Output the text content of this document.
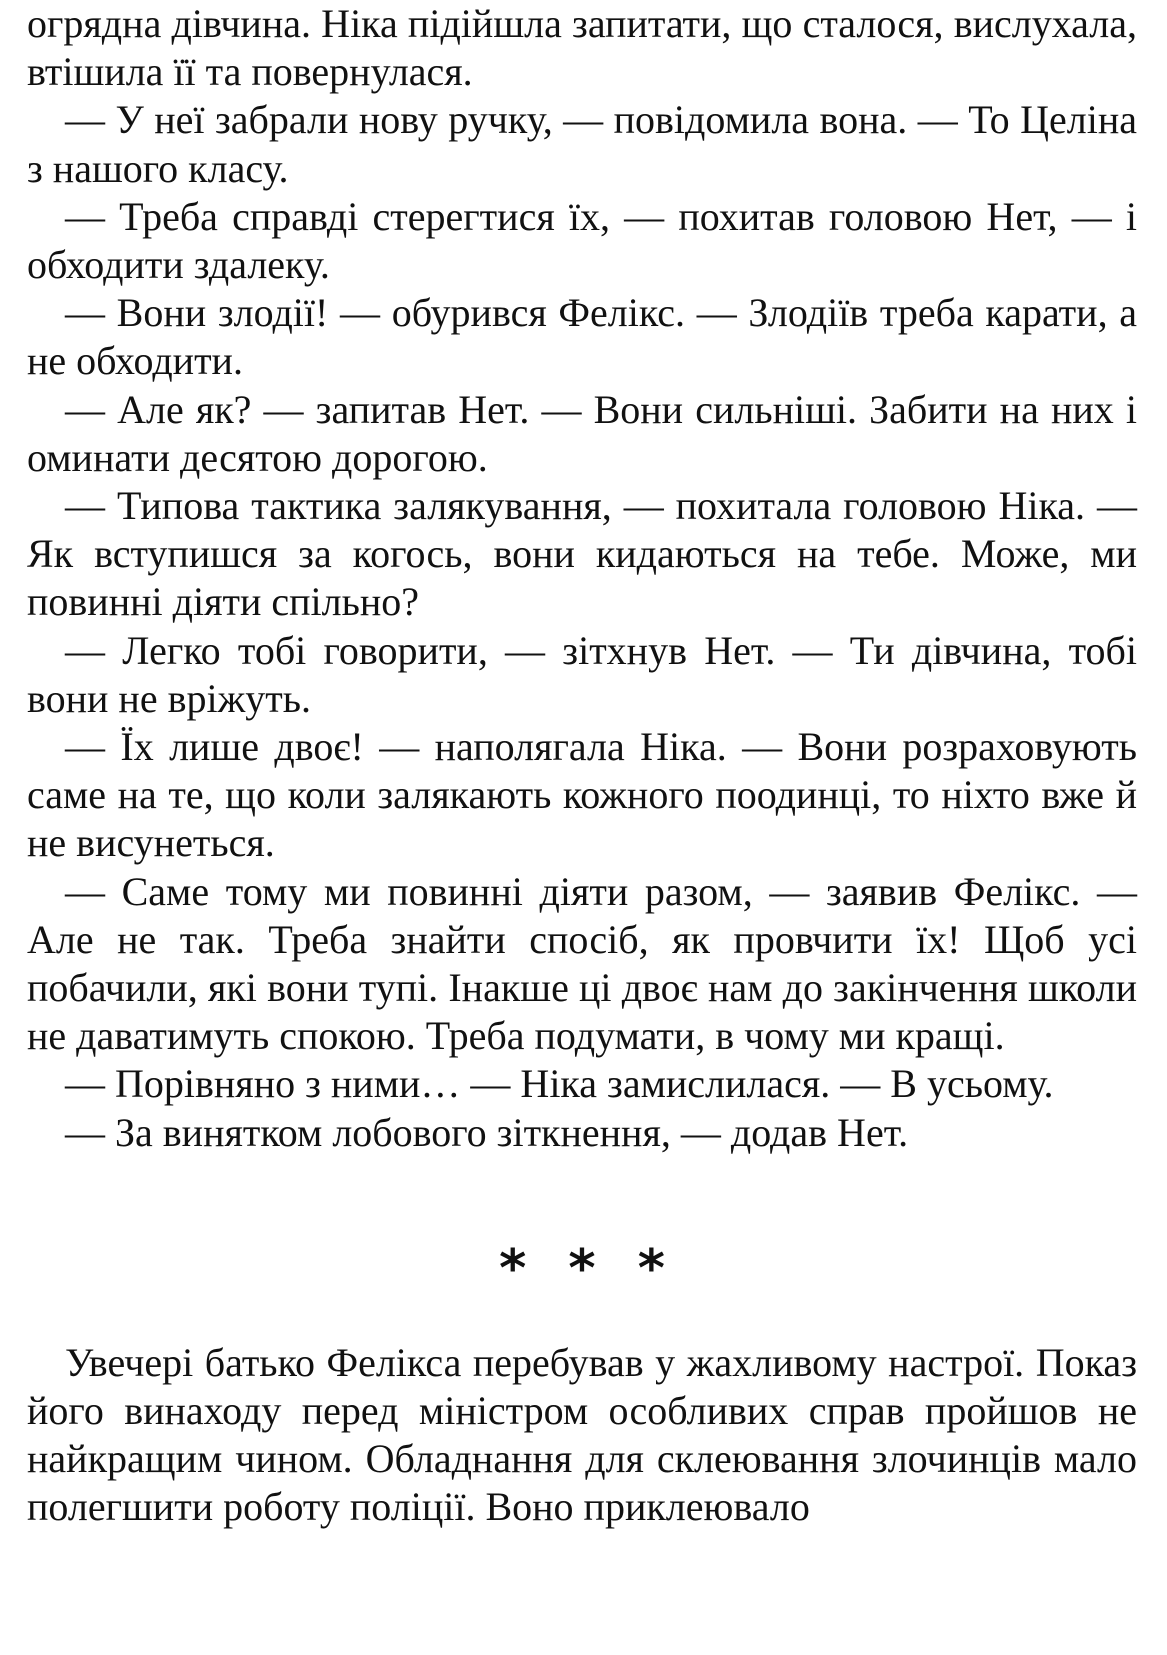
огрядна дівчина. Ніка підійшла запитати, що сталося, вислухала, втішила її та повернулася.

— У неї забрали нову ручку, — повідомила вона. — То Целіна з нашого класу.

— Треба справді стерегтися їх, — похитав головою Нет, — і обходити здалеку.

— Вони злодії! — обурився Фелікс. — Злодіїв треба карати, а не обходити.

— Але як? — запитав Нет. — Вони сильніші. Забити на них і оминати десятою дорогою.

— Типова тактика залякування, — похитала головою Ніка. — Як вступишся за когось, вони кидаються на тебе. Може, ми повинні діяти спільно?

— Легко тобі говорити, — зітхнув Нет. — Ти дівчина, тобі вони не вріжуть.

— Їх лише двоє! — наполягала Ніка. — Вони розраховують саме на те, що коли залякають кожного поодинці, то ніхто вже й не висунеться.

— Саме тому ми повинні діяти разом, — заявив Фелікс. — Але не так. Треба знайти спосіб, як провчити їх! Щоб усі побачили, які вони тупі. Інакше ці двоє нам до закінчення школи не даватимуть спокою. Треба подумати, в чому ми кращі.

— Порівняно з ними… — Ніка замислилася. — В усьому.

— За винятком лобового зіткнення, — додав Нет.

* * *

Увечері батько Фелікса перебував у жахливому настрої. Показ його винаходу перед міністром особливих справ пройшов не найкращим чином. Обладнання для склеювання злочинців мало полегшити роботу поліції. Воно приклеювало
